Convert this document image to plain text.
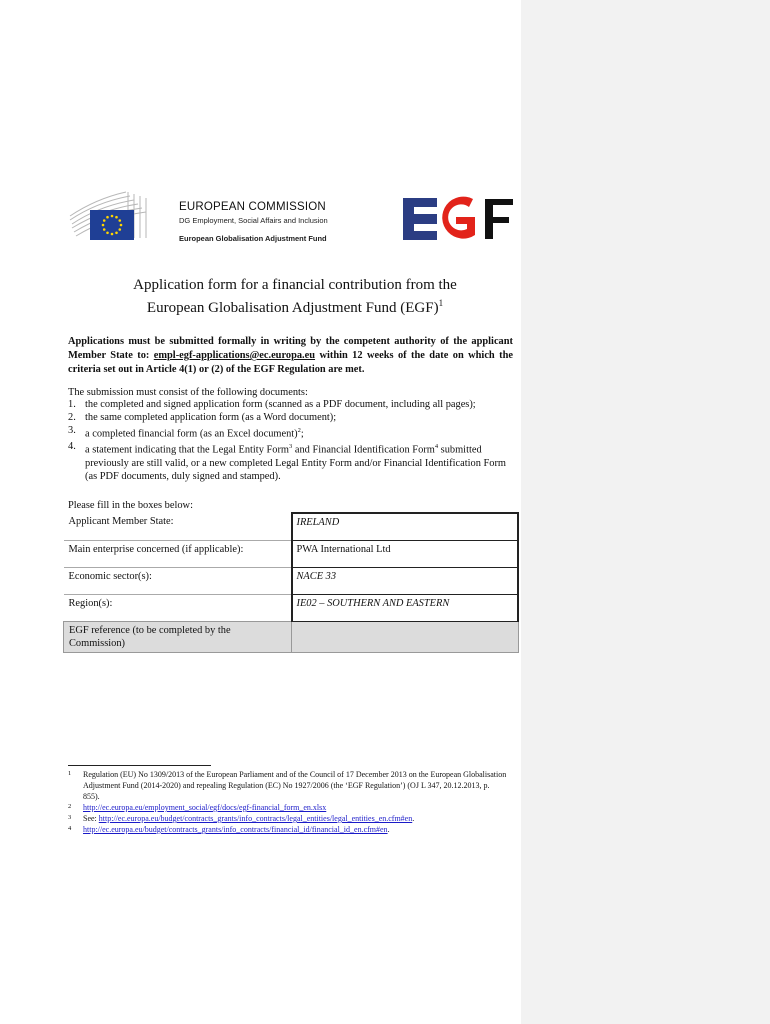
EUROPEAN COMMISSION
DG Employment, Social Affairs and Inclusion
European Globalisation Adjustment Fund
Application form for a financial contribution from the
European Globalisation Adjustment Fund (EGF)$^1$
Applications must be submitted formally in writing by the competent authority of the applicant Member State to: empl-egf-applications@ec.europa.eu within 12 weeks of the date on which the criteria set out in Article 4(1) or (2) of the EGF Regulation are met.
The submission must consist of the following documents:
1. the completed and signed application form (scanned as a PDF document, including all pages);
2. the same completed application form (as a Word document);
3. a completed financial form (as an Excel document)$^2$;
4. a statement indicating that the Legal Entity Form$^3$ and Financial Identification Form$^4$ submitted previously are still valid, or a new completed Legal Entity Form and/or Financial Identification Form (as PDF documents, duly signed and stamped).
Please fill in the boxes below:
Applicant Member State:	IRELAND
Main enterprise concerned (if applicable):	PWA International Ltd
Economic sector(s):	NACE 33
Region(s):	IE02 – SOUTHERN AND EASTERN
EGF reference (to be completed by the Commission)	
1 Regulation (EU) No 1309/2013 of the European Parliament and of the Council of 17 December 2013 on the European Globalisation Adjustment Fund (2014-2020) and repealing Regulation (EC) No 1927/2006 (the ‘EGF Regulation’) (OJ L 347, 20.12.2013, p. 855).
2 http://ec.europa.eu/employment_social/egf/docs/egf-financial_form_en.xlsx
3 See: http://ec.europa.eu/budget/contracts_grants/info_contracts/legal_entities/legal_entities_en.cfm#en.
4 http://ec.europa.eu/budget/contracts_grants/info_contracts/financial_id/financial_id_en.cfm#en.
